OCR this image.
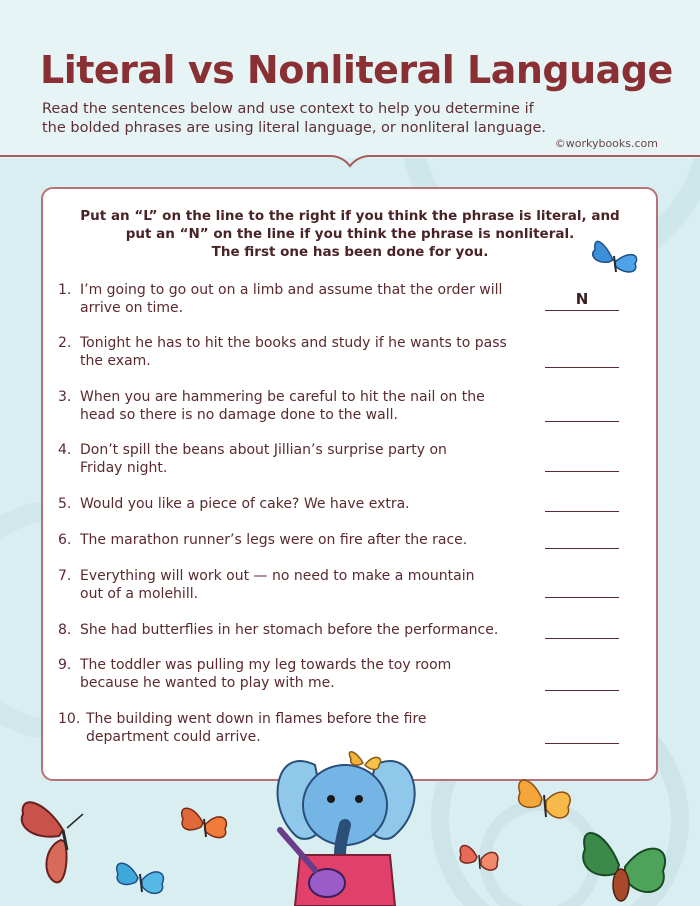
Literal vs Nonliteral Language

Read the sentences below and use context to help you determine if
the bolded phrases are using literal language, or nonliteral language.

©workybooks.com

Put an “L” on the line to the right if you think the phrase is literal, and
put an “N” on the line if you think the phrase is nonliteral.
The first one has been done for you.

1. I’m going to go out on a limb and assume that the order will
arrive on time.	N
2. Tonight he has to hit the books and study if he wants to pass
the exam.
3. When you are hammering be careful to hit the nail on the
head so there is no damage done to the wall.
4. Don’t spill the beans about Jillian’s surprise party on
Friday night.
5. Would you like a piece of cake? We have extra.
6. The marathon runner’s legs were on fire after the race.
7. Everything will work out — no need to make a mountain
out of a molehill.
8. She had butterflies in her stomach before the performance.
9. The toddler was pulling my leg towards the toy room
because he wanted to play with me.
10. The building went down in flames before the fire
department could arrive.
